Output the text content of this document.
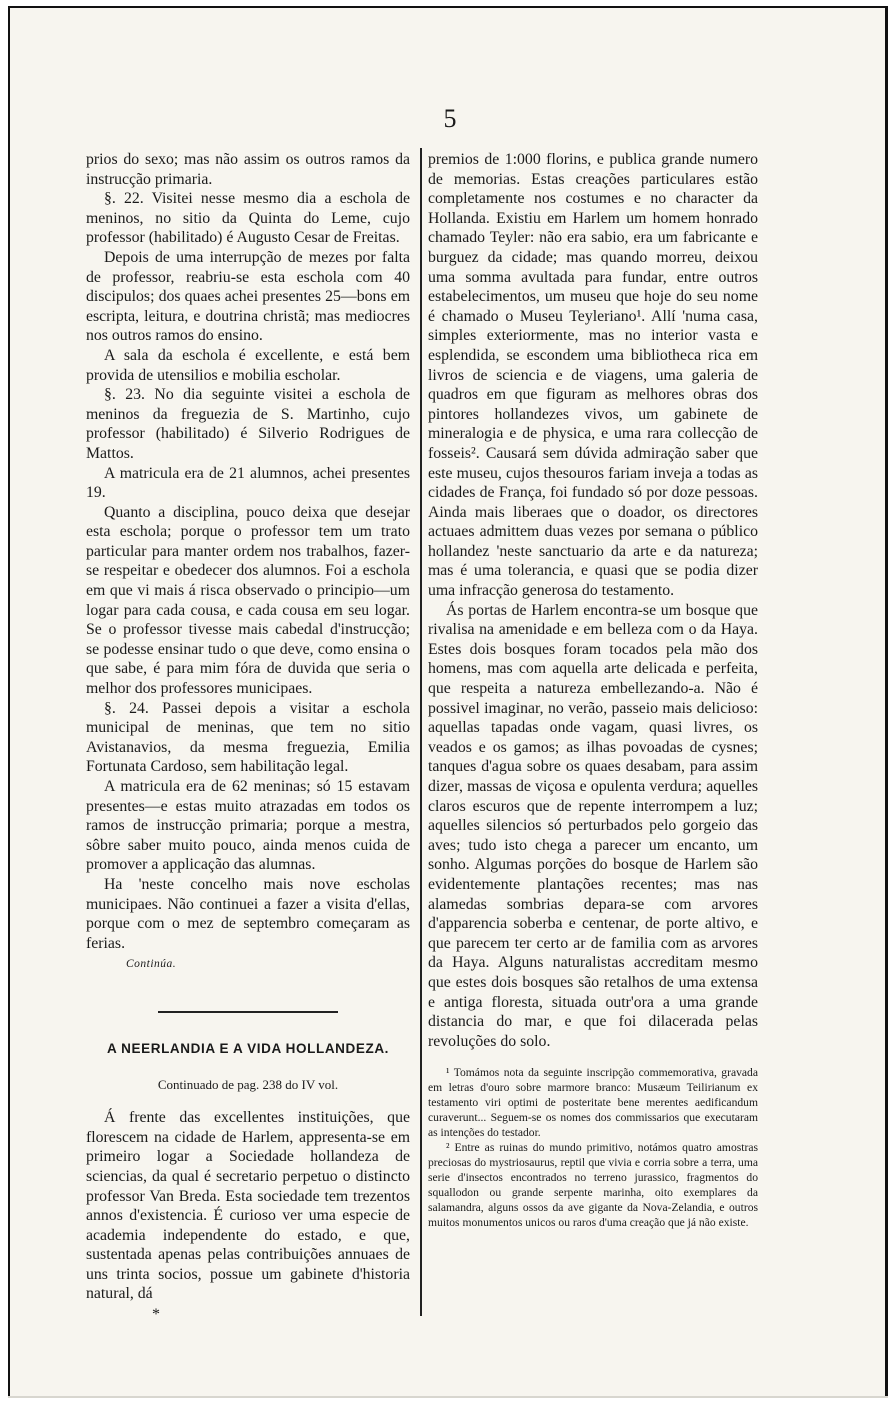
5

prios do sexo; mas não assim os outros ramos da instrucção primaria.

§. 22. Visitei nesse mesmo dia a eschola de meninos, no sitio da Quinta do Leme, cujo professor (habilitado) é Augusto Cesar de Freitas.

Depois de uma interrupção de mezes por falta de professor, reabriu-se esta eschola com 40 discipulos; dos quaes achei presentes 25—bons em escripta, leitura, e doutrina christã; mas mediocres nos outros ramos do ensino.

A sala da eschola é excellente, e está bem provida de utensilios e mobilia escholar.

§. 23. No dia seguinte visitei a eschola de meninos da freguezia de S. Martinho, cujo professor (habilitado) é Silverio Rodrigues de Mattos.

A matricula era de 21 alumnos, achei presentes 19.

Quanto a disciplina, pouco deixa que desejar esta eschola; porque o professor tem um trato particular para manter ordem nos trabalhos, fazer-se respeitar e obedecer dos alumnos. Foi a eschola em que vi mais á risca observado o principio—um logar para cada cousa, e cada cousa em seu logar. Se o professor tivesse mais cabedal d'instrucção; se podesse ensinar tudo o que deve, como ensina o que sabe, é para mim fóra de duvida que seria o melhor dos professores municipaes.

§. 24. Passei depois a visitar a eschola municipal de meninas, que tem no sitio Avistanavios, da mesma freguezia, Emilia Fortunata Cardoso, sem habilitação legal.

A matricula era de 62 meninas; só 15 estavam presentes—e estas muito atrazadas em todos os ramos de instrucção primaria; porque a mestra, sôbre saber muito pouco, ainda menos cuida de promover a applicação das alumnas.

Ha 'neste concelho mais nove escholas municipaes. Não continuei a fazer a visita d'ellas, porque com o mez de septembro começaram as ferias.

Continúa.
A NEERLANDIA E A VIDA HOLLANDEZA.
Continuado de pag. 238 do IV vol.

Á frente das excellentes instituições, que florescem na cidade de Harlem, appresenta-se em primeiro logar a Sociedade hollandeza de sciencias, da qual é secretario perpetuo o distincto professor Van Breda. Esta sociedade tem trezentos annos d'existencia. É curioso ver uma especie de academia independente do estado, e que, sustentada apenas pelas contribuições annuaes de uns trinta socios, possue um gabinete d'historia natural, dá

premios de 1:000 florins, e publica grande numero de memorias. Estas creações particulares estão completamente nos costumes e no character da Hollanda. Existiu em Harlem um homem honrado chamado Teyler: não era sabio, era um fabricante e burguez da cidade; mas quando morreu, deixou uma somma avultada para fundar, entre outros estabelecimentos, um museu que hoje do seu nome é chamado o Museu Teyleriano¹. Allí 'numa casa, simples exteriormente, mas no interior vasta e esplendida, se escondem uma bibliotheca rica em livros de sciencia e de viagens, uma galeria de quadros em que figuram as melhores obras dos pintores hollandezes vivos, um gabinete de mineralogia e de physica, e uma rara collecção de fosseis². Causará sem dúvida admiração saber que este museu, cujos thesouros fariam inveja a todas as cidades de França, foi fundado só por doze pessoas. Ainda mais liberaes que o doador, os directores actuaes admittem duas vezes por semana o público hollandez 'neste sanctuario da arte e da natureza; mas é uma tolerancia, e quasi que se podia dizer uma infracção generosa do testamento.

Ás portas de Harlem encontra-se um bosque que rivalisa na amenidade e em belleza com o da Haya. Estes dois bosques foram tocados pela mão dos homens, mas com aquella arte delicada e perfeita, que respeita a natureza embellezando-a. Não é possivel imaginar, no verão, passeio mais delicioso: aquellas tapadas onde vagam, quasi livres, os veados e os gamos; as ilhas povoadas de cysnes; tanques d'agua sobre os quaes desabam, para assim dizer, massas de viçosa e opulenta verdura; aquelles claros escuros que de repente interrompem a luz; aquelles silencios só perturbados pelo gorgeio das aves; tudo isto chega a parecer um encanto, um sonho. Algumas porções do bosque de Harlem são evidentemente plantações recentes; mas nas alamedas sombrias depara-se com arvores d'apparencia soberba e centenar, de porte altivo, e que parecem ter certo ar de familia com as arvores da Haya. Alguns naturalistas accreditam mesmo que estes dois bosques são retalhos de uma extensa e antiga floresta, situada outr'ora a uma grande distancia do mar, e que foi dilacerada pelas revoluções do solo.

¹ Tomámos nota da seguinte inscripção commemorativa, gravada em letras d'ouro sobre marmore branco: Musæum Teilirianum ex testamento viri optimi de posteritate bene merentes aedificandum curaverunt... Seguem-se os nomes dos commissarios que executaram as intenções do testador.

² Entre as ruinas do mundo primitivo, notámos quatro amostras preciosas do mystriosaurus, reptil que vivia e corria sobre a terra, uma serie d'insectos encontrados no terreno jurassico, fragmentos do squallodon ou grande serpente marinha, oito exemplares da salamandra, alguns ossos da ave gigante da Nova-Zelandia, e outros muitos monumentos unicos ou raros d'uma creação que já não existe.

*
